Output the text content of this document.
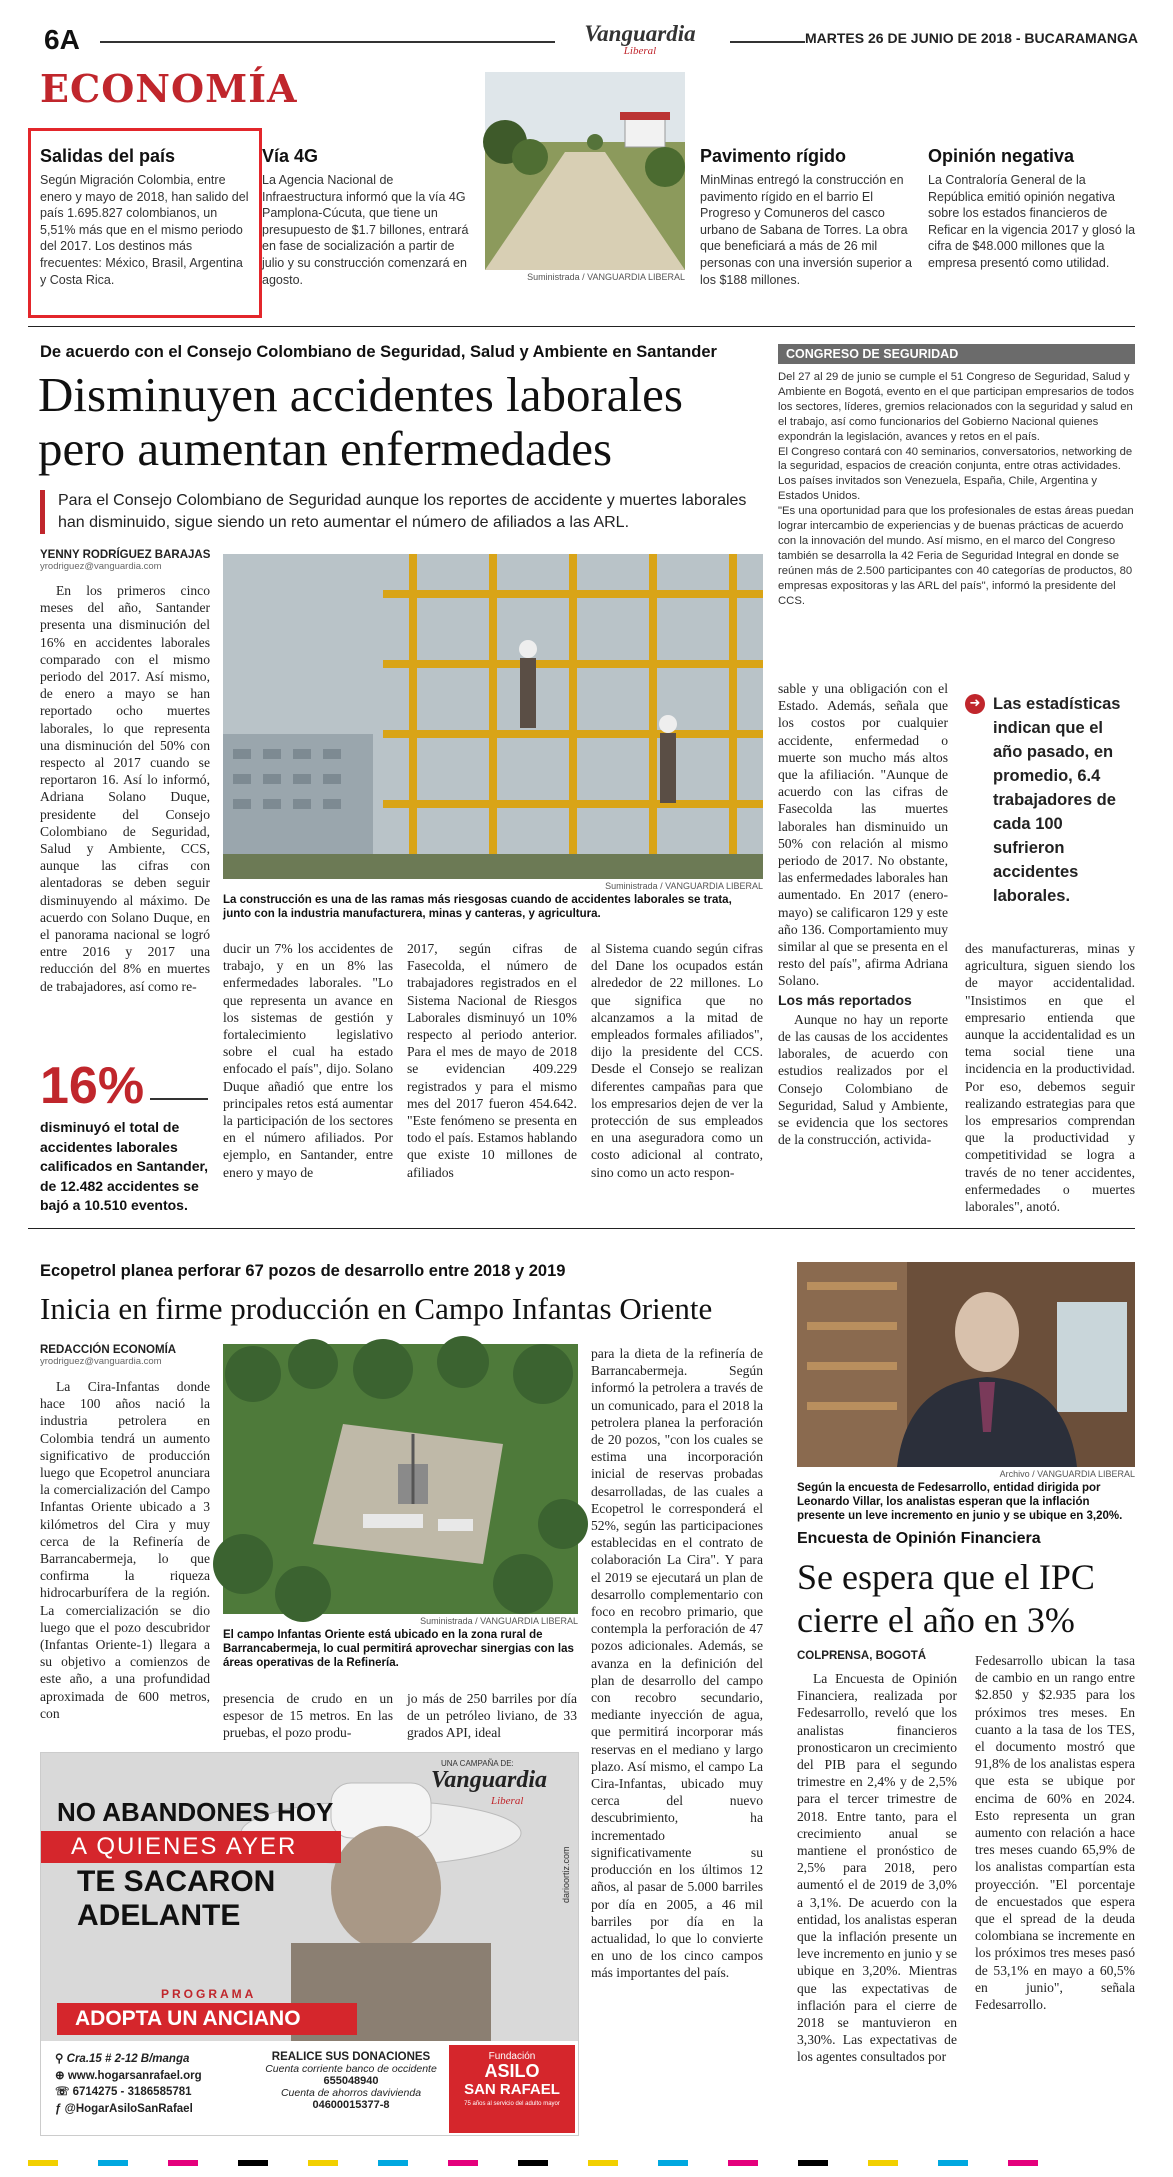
6A	Vanguardia
Liberal
MARTES 26 DE JUNIO DE 2018 - BUCARAMANGA
ECONOMÍA
Salidas del país

Según Migración Colombia, entre enero y mayo de 2018, han salido del país 1.695.827 colombianos, un 5,51% más que en el mismo periodo del 2017. Los destinos más frecuentes: México, Brasil, Argentina y Costa Rica.

Vía 4G

La Agencia Nacional de Infraestructura informó que la vía 4G Pamplona-Cúcuta, que tiene un presupuesto de $1.7 billones, entrará en fase de socialización a partir de julio y su construcción comenzará en agosto.	Suministrada / VANGUARDIA LIBERAL
Pavimento rígido

MinMinas entregó la construcción en pavimento rígido en el barrio El Progreso y Comuneros del casco urbano de Sabana de Torres. La obra que beneficiará a más de 26 mil personas con una inversión superior a los $188 millones.

Opinión negativa

La Contraloría General de la República emitió opinión negativa sobre los estados financieros de Reficar en la vigencia 2017 y glosó la cifra de $48.000 millones que la empresa presentó como utilidad.

De acuerdo con el Consejo Colombiano de Seguridad, Salud y Ambiente en Santander
Disminuyen accidentes laborales
pero aumentan enfermedades
Para el Consejo Colombiano de Seguridad aunque los reportes de accidente y muertes laborales han disminuido, sigue siendo un reto aumentar el número de afiliados a las ARL.
YENNY RODRÍGUEZ BARAJAS
yrodriguez@vanguardia.com

En los primeros cinco meses del año, Santander presenta una disminución del 16% en accidentes laborales comparado con el mismo periodo del 2017. Así mismo, de enero a mayo se han reportado ocho muertes laborales, lo que representa una disminución del 50% con respecto al 2017 cuando se reportaron 16. Así lo informó, Adriana Solano Duque, presidente del Consejo Colombiano de Seguridad, Salud y Ambiente, CCS, aunque las cifras con alentadoras se deben seguir disminuyendo al máximo. De acuerdo con Solano Duque, en el panorama nacional se logró entre 2016 y 2017 una reducción del 8% en muertes de trabajadores, así como re-

16%
disminuyó el total de accidentes laborales calificados en Santander, de 12.482 accidentes se bajó a 10.510 eventos.
Suministrada / VANGUARDIA LIBERAL
La construcción es una de las ramas más riesgosas cuando de accidentes laborales se trata, junto con la industria manufacturera, minas y canteras, y agricultura.

ducir un 7% los accidentes de trabajo, y en un 8% las enfermedades laborales. "Lo que representa un avance en los sistemas de gestión y fortalecimiento legislativo sobre el cual ha estado enfocado el país", dijo. Solano Duque añadió que entre los principales retos está aumentar la participación de los sectores en el número afiliados. Por ejemplo, en Santander, entre enero y mayo de

2017, según cifras de Fasecolda, el número de trabajadores registrados en el Sistema Nacional de Riesgos Laborales disminuyó un 10% respecto al periodo anterior. Para el mes de mayo de 2018 se evidencian 409.229 registrados y para el mismo mes del 2017 fueron 454.642. "Este fenómeno se presenta en todo el país. Estamos hablando que existe 10 millones de afiliados

al Sistema cuando según cifras del Dane los ocupados están alrededor de 22 millones. Lo que significa que no alcanzamos a la mitad de empleados formales afiliados", dijo la presidente del CCS. Desde el Consejo se realizan diferentes campañas para que los empresarios dejen de ver la protección de sus empleados en una aseguradora como un costo adicional al contrato, sino como un acto respon-

sable y una obligación con el Estado. Además, señala que los costos por cualquier accidente, enfermedad o muerte son mucho más altos que la afiliación. "Aunque de acuerdo con las cifras de Fasecolda las muertes laborales han disminuido un 50% con relación al mismo periodo de 2017. No obstante, las enfermedades laborales han aumentado. En 2017 (enero-mayo) se calificaron 129 y este año 136. Comportamiento muy similar al que se presenta en el resto del país", afirma Adriana Solano.

Los más reportados

Aunque no hay un reporte de las causas de los accidentes laborales, de acuerdo con estudios realizados por el Consejo Colombiano de Seguridad, Salud y Ambiente, se evidencia que los sectores de la construcción, activida-

➜ Las estadísticas indican que el año pasado, en promedio, 6.4 trabajadores de cada 100 sufrieron accidentes laborales.

des manufactureras, minas y agricultura, siguen siendo los de mayor accidentalidad. "Insistimos en que el empresario entienda que aunque la accidentalidad es un tema social tiene una incidencia en la productividad. Por eso, debemos seguir realizando estrategias para que los empresarios comprendan que la productividad y competitividad se logra a través de no tener accidentes, enfermedades o muertes laborales", anotó.

CONGRESO DE SEGURIDAD

Del 27 al 29 de junio se cumple el 51 Congreso de Seguridad, Salud y Ambiente en Bogotá, evento en el que participan empresarios de todos los sectores, líderes, gremios relacionados con la seguridad y salud en el trabajo, así como funcionarios del Gobierno Nacional quienes expondrán la legislación, avances y retos en el país.

El Congreso contará con 40 seminarios, conversatorios, networking de la seguridad, espacios de creación conjunta, entre otras actividades. Los países invitados son Venezuela, España, Chile, Argentina y Estados Unidos.

"Es una oportunidad para que los profesionales de estas áreas puedan lograr intercambio de experiencias y de buenas prácticas de acuerdo con la innovación del mundo. Así mismo, en el marco del Congreso también se desarrolla la 42 Feria de Seguridad Integral en donde se reúnen más de 2.500 participantes con 40 categorías de productos, 80 empresas expositoras y las ARL del país", informó la presidente del CCS.

Ecopetrol planea perforar 67 pozos de desarrollo entre 2018 y 2019
Inicia en firme producción en Campo Infantas Oriente
REDACCIÓN ECONOMÍA
yrodriguez@vanguardia.com

La Cira-Infantas donde hace 100 años nació la industria petrolera en Colombia tendrá un aumento significativo de producción luego que Ecopetrol anunciara la comercialización del Campo Infantas Oriente ubicado a 3 kilómetros del Cira y muy cerca de la Refinería de Barrancabermeja, lo que confirma la riqueza hidrocarburífera de la región. La comercialización se dio luego que el pozo descubridor (Infantas Oriente-1) llegara a su objetivo a comienzos de este año, a una profundidad aproximada de 600 metros, con

Suministrada / VANGUARDIA LIBERAL
El campo Infantas Oriente está ubicado en la zona rural de Barrancabermeja, lo cual permitirá aprovechar sinergias con las áreas operativas de la Refinería.

presencia de crudo en un espesor de 15 metros. En las pruebas, el pozo produ-

jo más de 250 barriles por día de un petróleo liviano, de 33 grados API, ideal

para la dieta de la refinería de Barrancabermeja. Según informó la petrolera a través de un comunicado, para el 2018 la petrolera planea la perforación de 20 pozos, "con los cuales se estima una incorporación inicial de reservas probadas desarrolladas, de las cuales a Ecopetrol le corresponderá el 52%, según las participaciones establecidas en el contrato de colaboración La Cira". Y para el 2019 se ejecutará un plan de desarrollo complementario con foco en recobro primario, que contempla la perforación de 47 pozos adicionales. Además, se avanza en la definición del plan de desarrollo del campo con recobro secundario, mediante inyección de agua, que permitirá incorporar más reservas en el mediano y largo plazo. Así mismo, el campo La Cira-Infantas, ubicado muy cerca del nuevo descubrimiento, ha incrementado significativamente su producción en los últimos 12 años, al pasar de 5.000 barriles por día en 2005, a 46 mil barriles por día en la actualidad, lo que lo convierte en uno de los cinco campos más importantes del país.

UNA CAMPAÑA DE:
Vanguardia
Liberal
darioortiz.com
NO ABANDONES HOY
A QUIENES AYER
TE SACARON
ADELANTE
PROGRAMA
ADOPTA UN ANCIANO
⚲ Cra.15 # 2-12 B/manga
⊕ www.hogarsanrafael.org
☏ 6714275 - 3186585781
ƒ @HogarAsiloSanRafael
REALICE SUS DONACIONES
Cuenta corriente banco de occidente
655048940
Cuenta de ahorros davivienda
04600015377-8
Fundación
ASILO
SAN RAFAEL
75 años al servicio del adulto mayor
Archivo / VANGUARDIA LIBERAL
Según la encuesta de Fedesarrollo, entidad dirigida por Leonardo Villar, los analistas esperan que la inflación presente un leve incremento en junio y se ubique en 3,20%.
Encuesta de Opinión Financiera
Se espera que el IPC
cierre el año en 3%
COLPRENSA, BOGOTÁ

La Encuesta de Opinión Financiera, realizada por Fedesarrollo, reveló que los analistas financieros pronosticaron un crecimiento del PIB para el segundo trimestre en 2,4% y de 2,5% para el tercer trimestre de 2018. Entre tanto, para el crecimiento anual se mantiene el pronóstico de 2,5% para 2018, pero aumentó el de 2019 de 3,0% a 3,1%. De acuerdo con la entidad, los analistas esperan que la inflación presente un leve incremento en junio y se ubique en 3,20%. Mientras que las expectativas de inflación para el cierre de 2018 se mantuvieron en 3,30%. Las expectativas de los agentes consultados por

Fedesarrollo ubican la tasa de cambio en un rango entre $2.850 y $2.935 para los próximos tres meses. En cuanto a la tasa de los TES, el documento mostró que 91,8% de los analistas espera que esta se ubique por encima de 60% en 2024. Esto representa un gran aumento con relación a hace tres meses cuando 65,9% de los analistas compartían esta proyección. "El porcentaje de encuestados que espera que el spread de la deuda colombiana se incremente en los próximos tres meses pasó de 53,1% en mayo a 60,5% en junio", señala Fedesarrollo.
